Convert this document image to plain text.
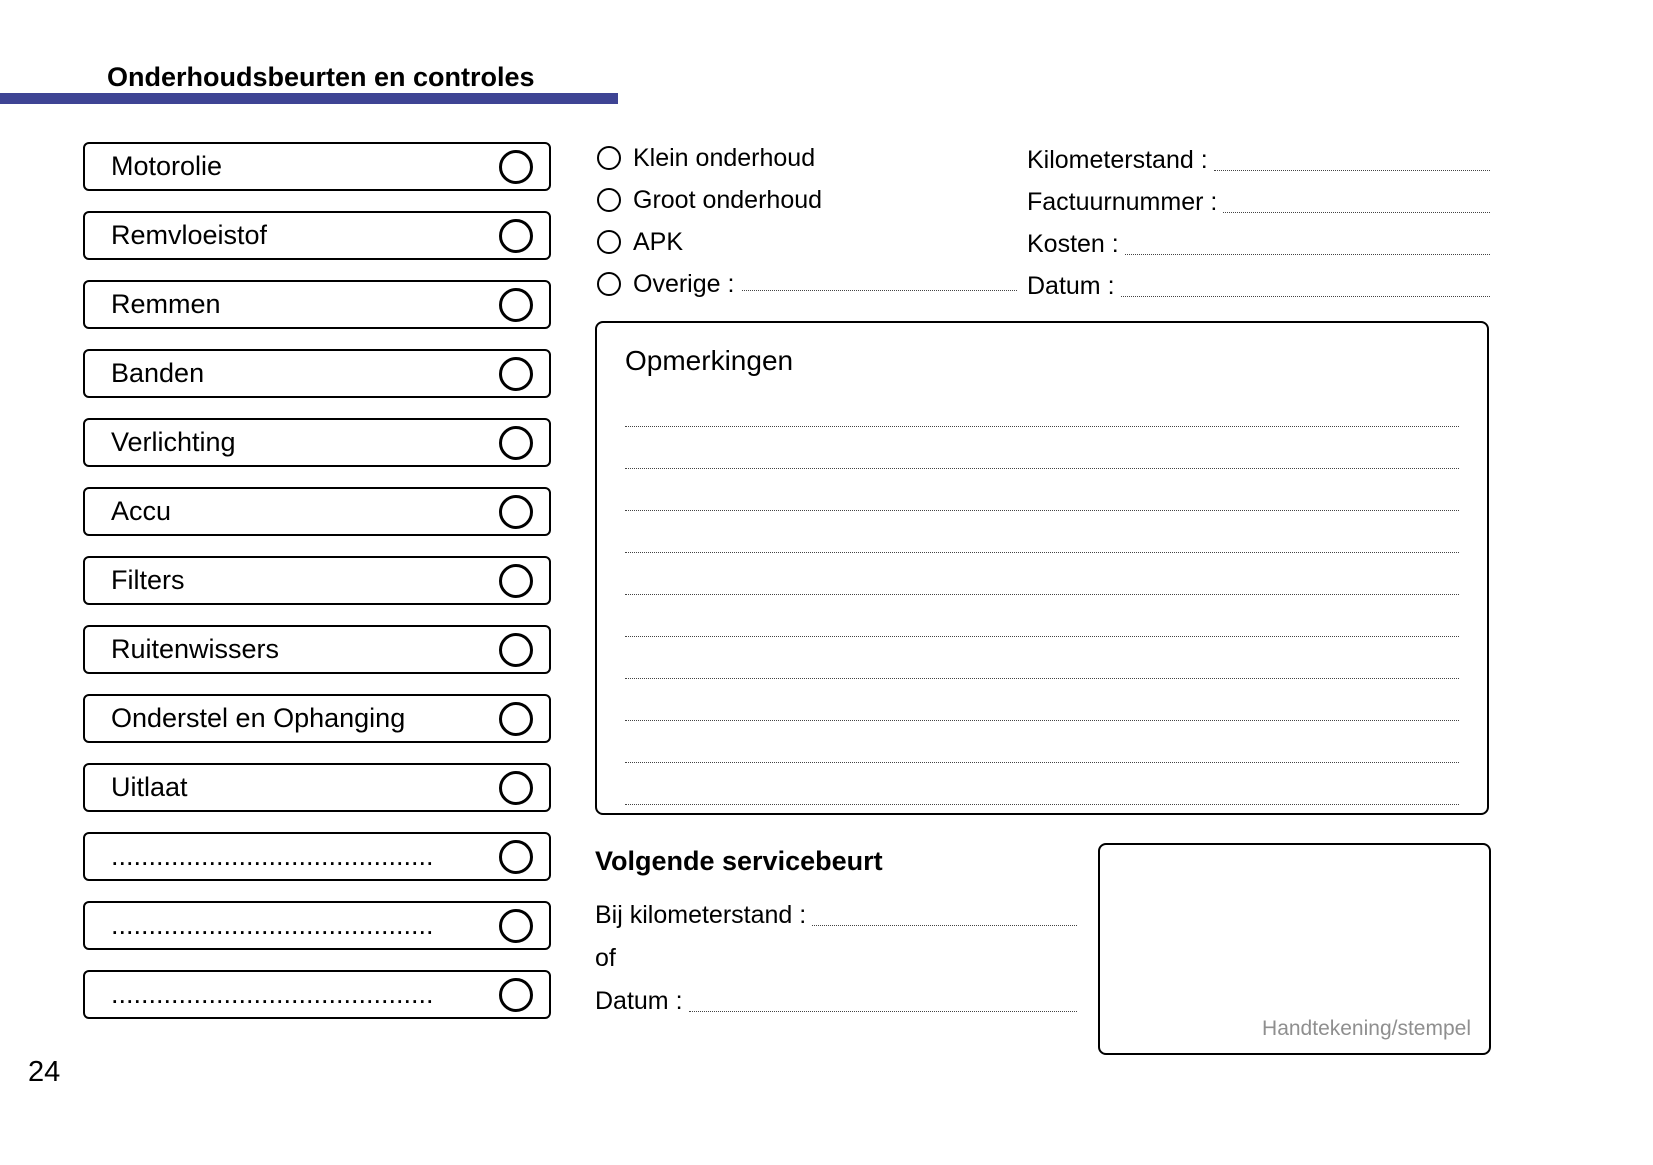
Onderhoudsbeurten en controles
Motorolie
Remvloeistof
Remmen
Banden
Verlichting
Accu
Filters
Ruitenwissers
Onderstel en Ophanging
Uitlaat
...........................................
...........................................
...........................................
Klein onderhoud
Groot onderhoud
APK
Overige :
Kilometerstand :
Factuurnummer :
Kosten :
Datum :
Opmerkingen
Volgende servicebeurt
Bij kilometerstand :
of
Datum :
Handtekening/stempel
24
